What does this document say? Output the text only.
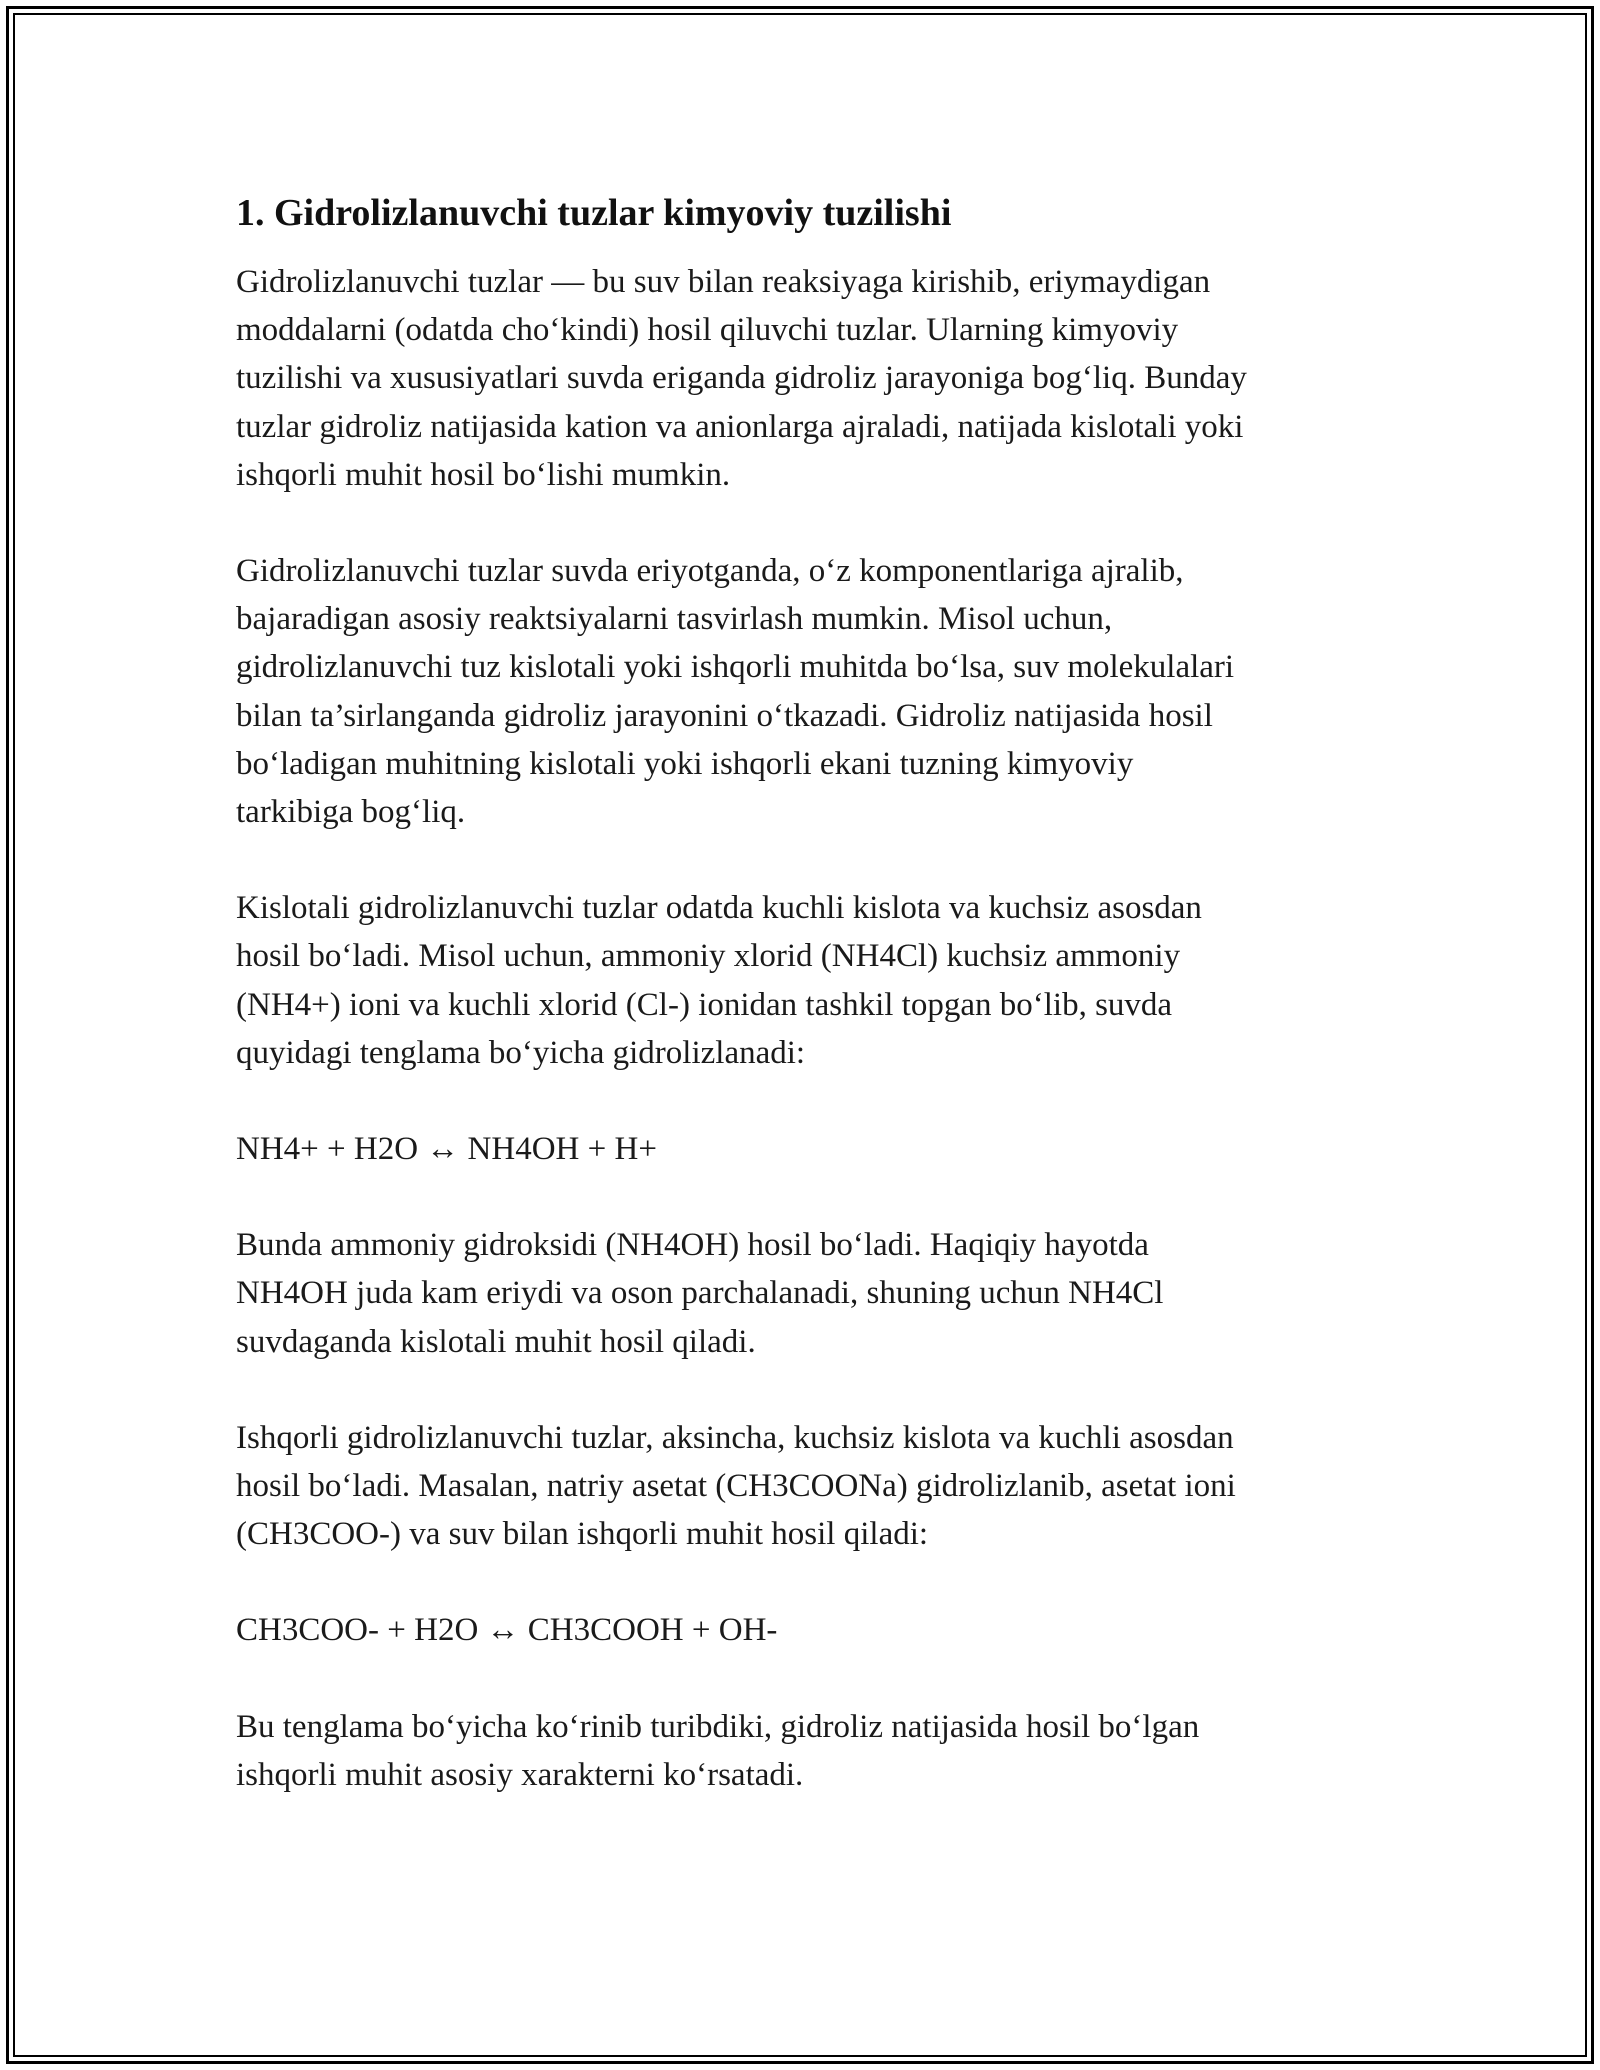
1. Gidrolizlanuvchi tuzlar kimyoviy tuzilishi

Gidrolizlanuvchi tuzlar — bu suv bilan reaksiyaga kirishib, eriymaydigan
moddalarni (odatda cho‘kindi) hosil qiluvchi tuzlar. Ularning kimyoviy
tuzilishi va xususiyatlari suvda eriganda gidroliz jarayoniga bog‘liq. Bunday
tuzlar gidroliz natijasida kation va anionlarga ajraladi, natijada kislotali yoki
ishqorli muhit hosil bo‘lishi mumkin.

Gidrolizlanuvchi tuzlar suvda eriyotganda, o‘z komponentlariga ajralib,
bajaradigan asosiy reaktsiyalarni tasvirlash mumkin. Misol uchun,
gidrolizlanuvchi tuz kislotali yoki ishqorli muhitda bo‘lsa, suv molekulalari
bilan ta’sirlanganda gidroliz jarayonini o‘tkazadi. Gidroliz natijasida hosil
bo‘ladigan muhitning kislotali yoki ishqorli ekani tuzning kimyoviy
tarkibiga bog‘liq.

Kislotali gidrolizlanuvchi tuzlar odatda kuchli kislota va kuchsiz asosdan
hosil bo‘ladi. Misol uchun, ammoniy xlorid (NH4Cl) kuchsiz ammoniy
(NH4+) ioni va kuchli xlorid (Cl-) ionidan tashkil topgan bo‘lib, suvda
quyidagi tenglama bo‘yicha gidrolizlanadi:

NH4+ + H2O ↔ NH4OH + H+

Bunda ammoniy gidroksidi (NH4OH) hosil bo‘ladi. Haqiqiy hayotda
NH4OH juda kam eriydi va oson parchalanadi, shuning uchun NH4Cl
suvdaganda kislotali muhit hosil qiladi.

Ishqorli gidrolizlanuvchi tuzlar, aksincha, kuchsiz kislota va kuchli asosdan
hosil bo‘ladi. Masalan, natriy asetat (CH3COONa) gidrolizlanib, asetat ioni
(CH3COO-) va suv bilan ishqorli muhit hosil qiladi:

CH3COO- + H2O ↔ CH3COOH + OH-

Bu tenglama bo‘yicha ko‘rinib turibdiki, gidroliz natijasida hosil bo‘lgan
ishqorli muhit asosiy xarakterni ko‘rsatadi.
